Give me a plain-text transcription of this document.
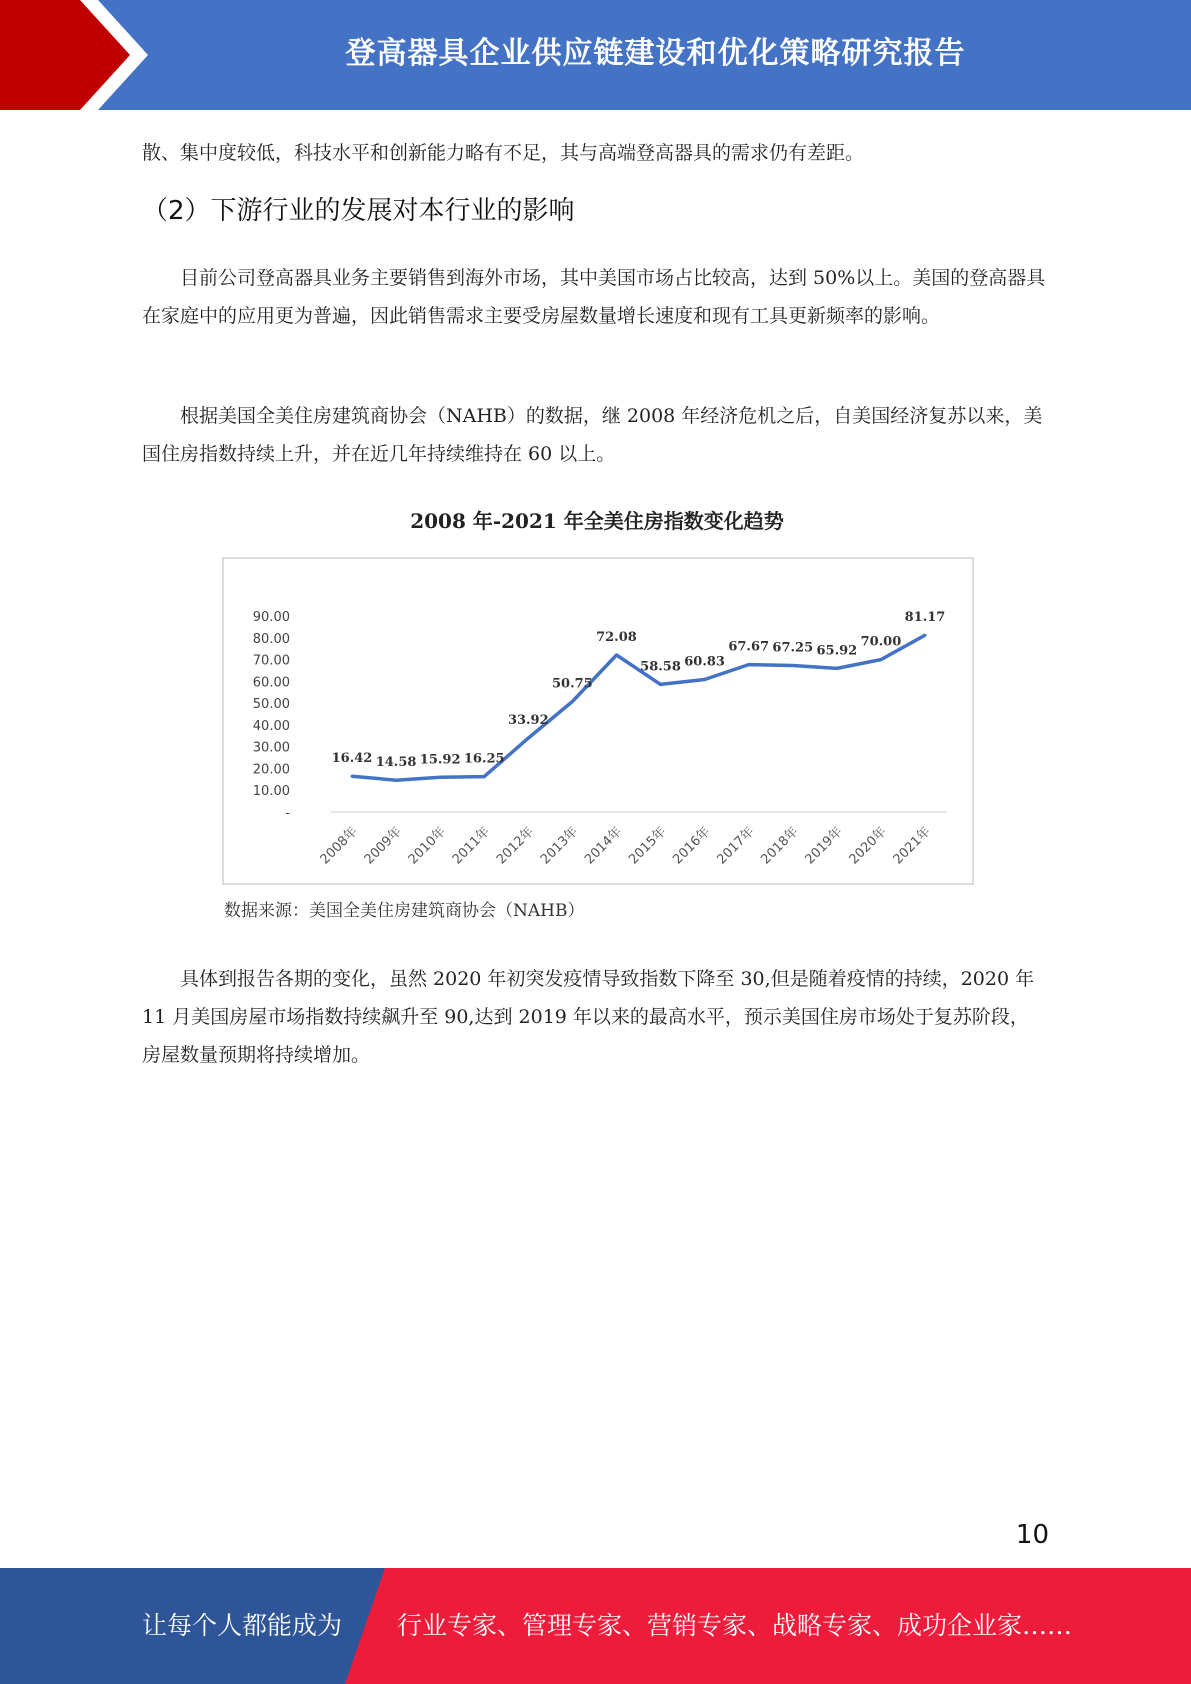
登高器具企业供应链建设和优化策略研究报告

散、集中度较低，科技水平和创新能力略有不足，其与高端登高器具的需求仍有差距。

（2）下游行业的发展对本行业的影响

目前公司登高器具业务主要销售到海外市场，其中美国市场占比较高，达到 50%以上。美国的登高器具在家庭中的应用更为普遍，因此销售需求主要受房屋数量增长速度和现有工具更新频率的影响。

根据美国全美住房建筑商协会（NAHB）的数据，继 2008 年经济危机之后，自美国经济复苏以来，美国住房指数持续上升，并在近几年持续维持在 60 以上。

2008 年-2021 年全美住房指数变化趋势
-
10.00
20.00
30.00
40.00
50.00
60.00
70.00
80.00
90.00
16.42 14.58 15.92 16.25
33.92
50.75
72.08
58.58 60.83
67.67 67.25 65.92
70.00
81.17
2008年 2009年 2010年 2011年 2012年 2013年 2014年 2015年 2016年 2017年 2018年 2019年 2020年 2021年
数据来源：美国全美住房建筑商协会（NAHB）

具体到报告各期的变化，虽然 2020 年初突发疫情导致指数下降至 30,但是随着疫情的持续，2020 年 11 月美国房屋市场指数持续飙升至 90,达到 2019 年以来的最高水平，预示美国住房市场处于复苏阶段，房屋数量预期将持续增加。

10
让每个人都能成为 行业专家、管理专家、营销专家、战略专家、成功企业家……
